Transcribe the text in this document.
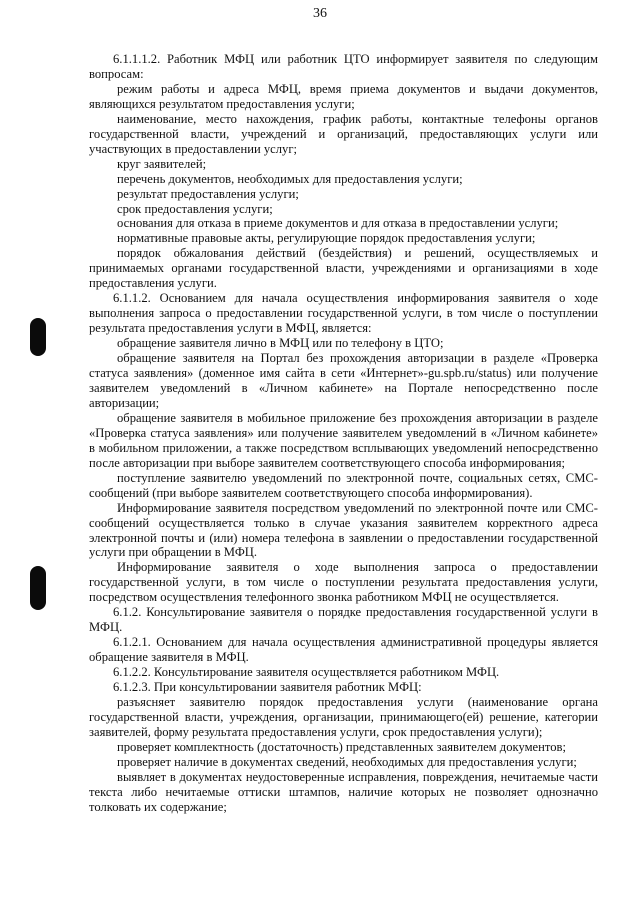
36

6.1.1.1.2. Работник МФЦ или работник ЦТО информирует заявителя по следующим вопросам:

режим работы и адреса МФЦ, время приема документов и выдачи документов, являющихся результатом предоставления услуги;

наименование, место нахождения, график работы, контактные телефоны органов государственной власти, учреждений и организаций, предоставляющих услуги или участвующих в предоставлении услуг;

круг заявителей;

перечень документов, необходимых для предоставления услуги;

результат предоставления услуги;

срок предоставления услуги;

основания для отказа в приеме документов и для отказа в предоставлении услуги;

нормативные правовые акты, регулирующие порядок предоставления услуги;

порядок обжалования действий (бездействия) и решений, осуществляемых и принимаемых органами государственной власти, учреждениями и организациями в ходе предоставления услуги.

6.1.1.2. Основанием для начала осуществления информирования заявителя о ходе выполнения запроса о предоставлении государственной услуги, в том числе о поступлении результата предоставления услуги в МФЦ, является:

обращение заявителя лично в МФЦ или по телефону в ЦТО;

обращение заявителя на Портал без прохождения авторизации в разделе «Проверка статуса заявления» (доменное имя сайта в сети «Интернет»-gu.spb.ru/status) или получение заявителем уведомлений в «Личном кабинете» на Портале непосредственно после авторизации;

обращение заявителя в мобильное приложение без прохождения авторизации в разделе «Проверка статуса заявления» или получение заявителем уведомлений в «Личном кабинете» в мобильном приложении, а также посредством всплывающих уведомлений непосредственно после авторизации при выборе заявителем соответствующего способа информирования;

поступление заявителю уведомлений по электронной почте, социальных сетях, СМС-сообщений (при выборе заявителем соответствующего способа информирования).

Информирование заявителя посредством уведомлений по электронной почте или СМС-сообщений осуществляется только в случае указания заявителем корректного адреса электронной почты и (или) номера телефона в заявлении о предоставлении государственной услуги при обращении в МФЦ.

Информирование заявителя о ходе выполнения запроса о предоставлении государственной услуги, в том числе о поступлении результата предоставления услуги, посредством осуществления телефонного звонка работником МФЦ не осуществляется.

6.1.2. Консультирование заявителя о порядке предоставления государственной услуги в МФЦ.

6.1.2.1. Основанием для начала осуществления административной процедуры является обращение заявителя в МФЦ.

6.1.2.2. Консультирование заявителя осуществляется работником МФЦ.

6.1.2.3. При консультировании заявителя работник МФЦ:

разъясняет заявителю порядок предоставления услуги (наименование органа государственной власти, учреждения, организации, принимающего(ей) решение, категории заявителей, форму результата предоставления услуги, срок предоставления услуги);

проверяет комплектность (достаточность) представленных заявителем документов;

проверяет наличие в документах сведений, необходимых для предоставления услуги;

выявляет в документах неудостоверенные исправления, повреждения, нечитаемые части текста либо нечитаемые оттиски штампов, наличие которых не позволяет однозначно толковать их содержание;
